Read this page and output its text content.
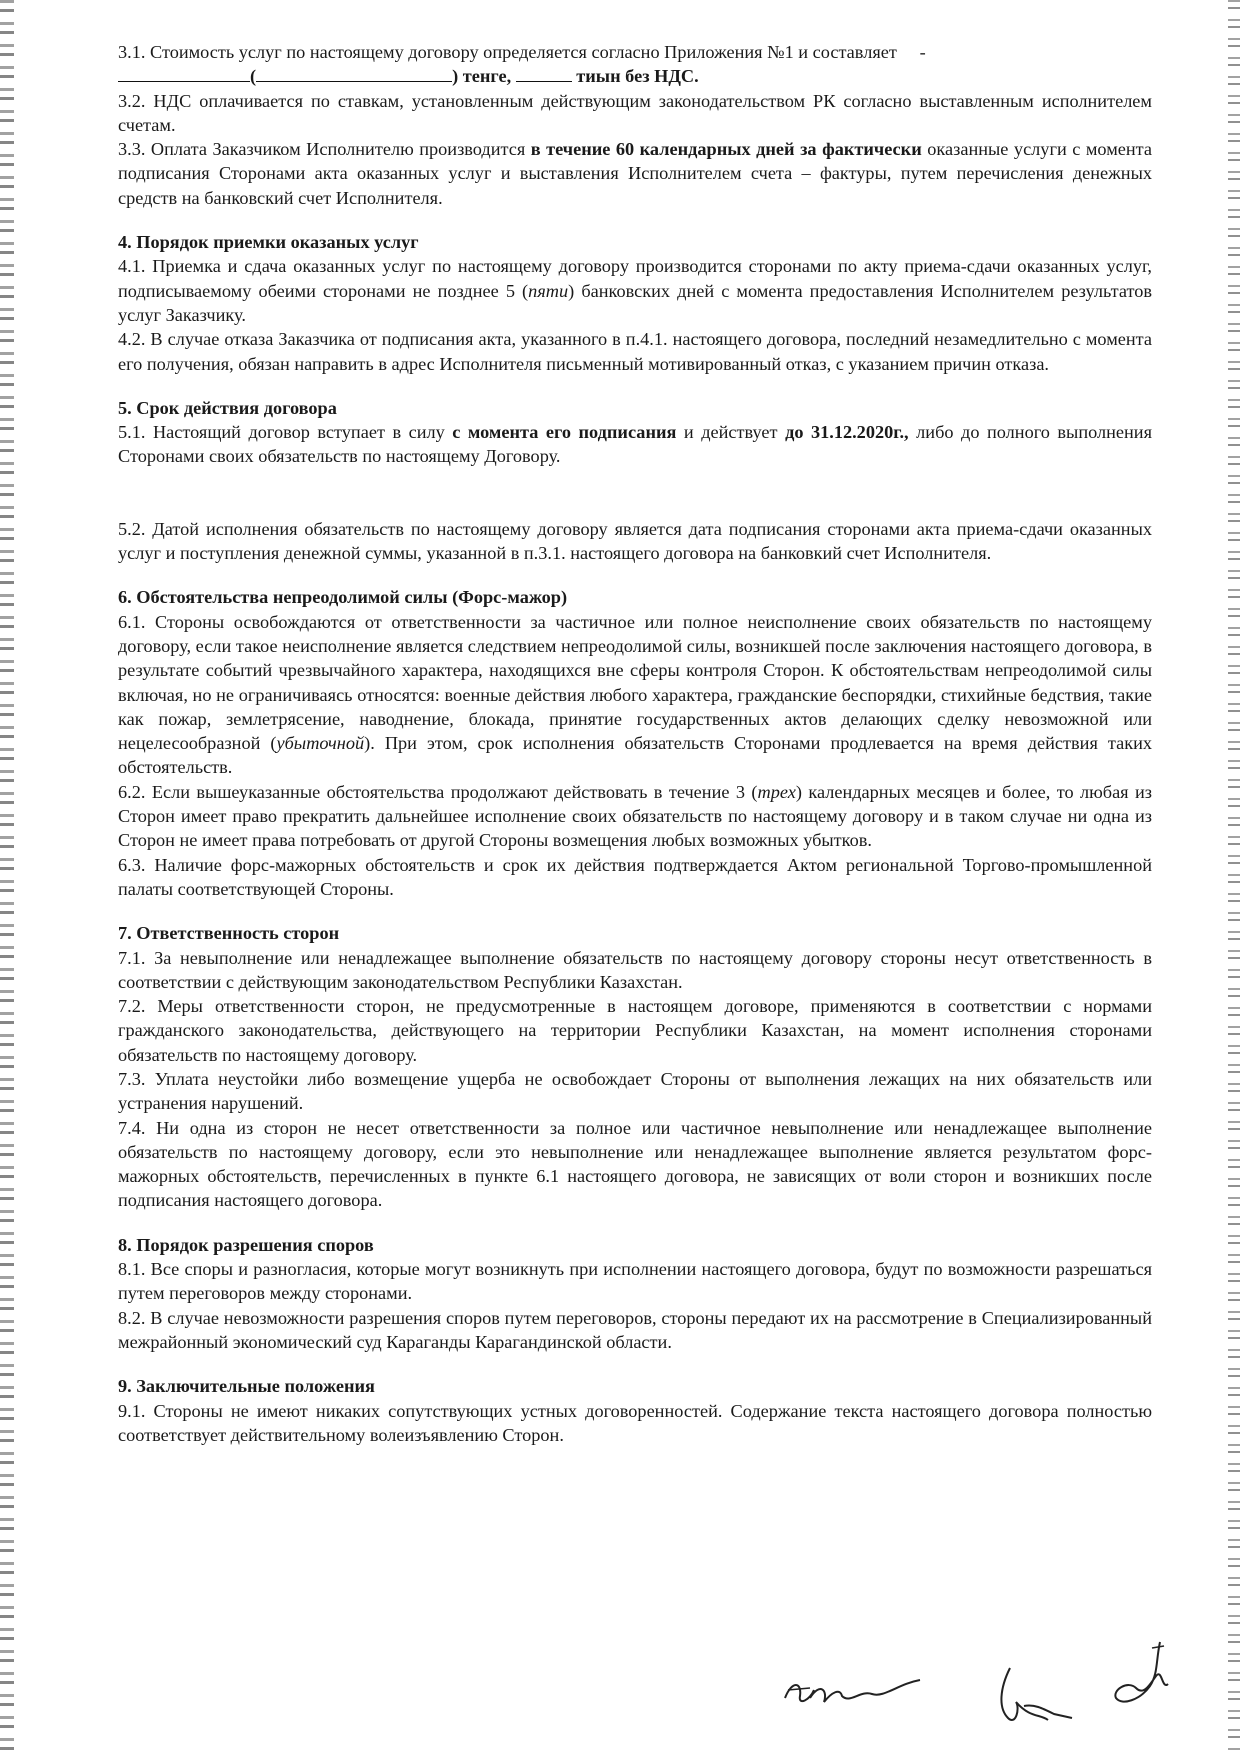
3.1. Стоимость услуг по настоящему договору определяется согласно Приложения №1 и составляет     -
(	) тенге,	тиын без НДС.

3.2. НДС оплачивается по ставкам, установленным действующим законодательством РК согласно выставленным исполнителем счетам.

3.3. Оплата Заказчиком Исполнителю производится в течение 60 календарных дней за фактически оказанные услуги с момента подписания Сторонами акта оказанных услуг и выставления Исполнителем счета – фактуры, путем перечисления денежных средств на банковский счет Исполнителя.

4. Порядок приемки оказаных услуг

4.1. Приемка и сдача оказанных услуг по настоящему договору производится сторонами по акту приема-сдачи оказанных услуг, подписываемому обеими сторонами не позднее 5 (пяти) банковских дней с момента предоставления Исполнителем результатов услуг Заказчику.

4.2. В случае отказа Заказчика от подписания акта, указанного в п.4.1. настоящего договора, последний незамедлительно с момента его получения, обязан направить в адрес Исполнителя письменный мотивированный отказ, с указанием причин отказа.

5. Срок действия договора

5.1. Настоящий договор вступает в силу с момента его подписания и действует до 31.12.2020г., либо до полного выполнения Сторонами своих обязательств по настоящему Договору.

5.2. Датой исполнения обязательств по настоящему договору является дата подписания сторонами акта приема-сдачи оказанных услуг и поступления денежной суммы, указанной в п.3.1. настоящего договора на банковкий счет Исполнителя.

6. Обстоятельства непреодолимой силы (Форс-мажор)

6.1. Стороны освобождаются от ответственности за частичное или полное неисполнение своих обязательств по настоящему договору, если такое неисполнение является следствием непреодолимой силы, возникшей после заключения настоящего договора, в результате событий чрезвычайного характера, находящихся вне сферы контроля Сторон. К обстоятельствам непреодолимой силы включая, но не ограничиваясь относятся: военные действия любого характера, гражданские беспорядки, стихийные бедствия, такие как пожар, землетрясение, наводнение, блокада, принятие государственных актов делающих сделку невозможной или нецелесообразной (убыточной). При этом, срок исполнения обязательств Сторонами продлевается на время действия таких обстоятельств.

6.2. Если вышеуказанные обстоятельства продолжают действовать в течение 3 (трех) календарных месяцев и более, то любая из Сторон имеет право прекратить дальнейшее исполнение своих обязательств по настоящему договору и в таком случае ни одна из Сторон не имеет права потребовать от другой Стороны возмещения любых возможных убытков.

6.3. Наличие форс-мажорных обстоятельств и срок их действия подтверждается Актом региональной Торгово-промышленной палаты соответствующей Стороны.

7. Ответственность сторон

7.1. За невыполнение или ненадлежащее выполнение обязательств по настоящему договору стороны несут ответственность в соответствии с действующим законодательством Республики Казахстан.

7.2. Меры ответственности сторон, не предусмотренные в настоящем договоре, применяются в соответствии с нормами гражданского законодательства, действующего на территории Республики Казахстан, на момент исполнения сторонами обязательств по настоящему договору.

7.3. Уплата неустойки либо возмещение ущерба не освобождает Стороны от выполнения лежащих на них обязательств или устранения нарушений.

7.4. Ни одна из сторон не несет ответственности за полное или частичное невыполнение или ненадлежащее выполнение обязательств по настоящему договору, если это невыполнение или ненадлежащее выполнение является результатом форс-мажорных обстоятельств, перечисленных в пункте 6.1 настоящего договора, не зависящих от воли сторон и возникших после подписания настоящего договора.

8. Порядок разрешения споров

8.1. Все споры и разногласия, которые могут возникнуть при исполнении настоящего договора, будут по возможности разрешаться путем переговоров между сторонами.

8.2. В случае невозможности разрешения споров путем переговоров, стороны передают их на рассмотрение в Специализированный межрайонный экономический суд Караганды Карагандинской области.

9. Заключительные положения

9.1. Стороны не имеют никаких сопутствующих устных договоренностей. Содержание текста настоящего договора полностью соответствует действительному волеизъявлению Сторон.
